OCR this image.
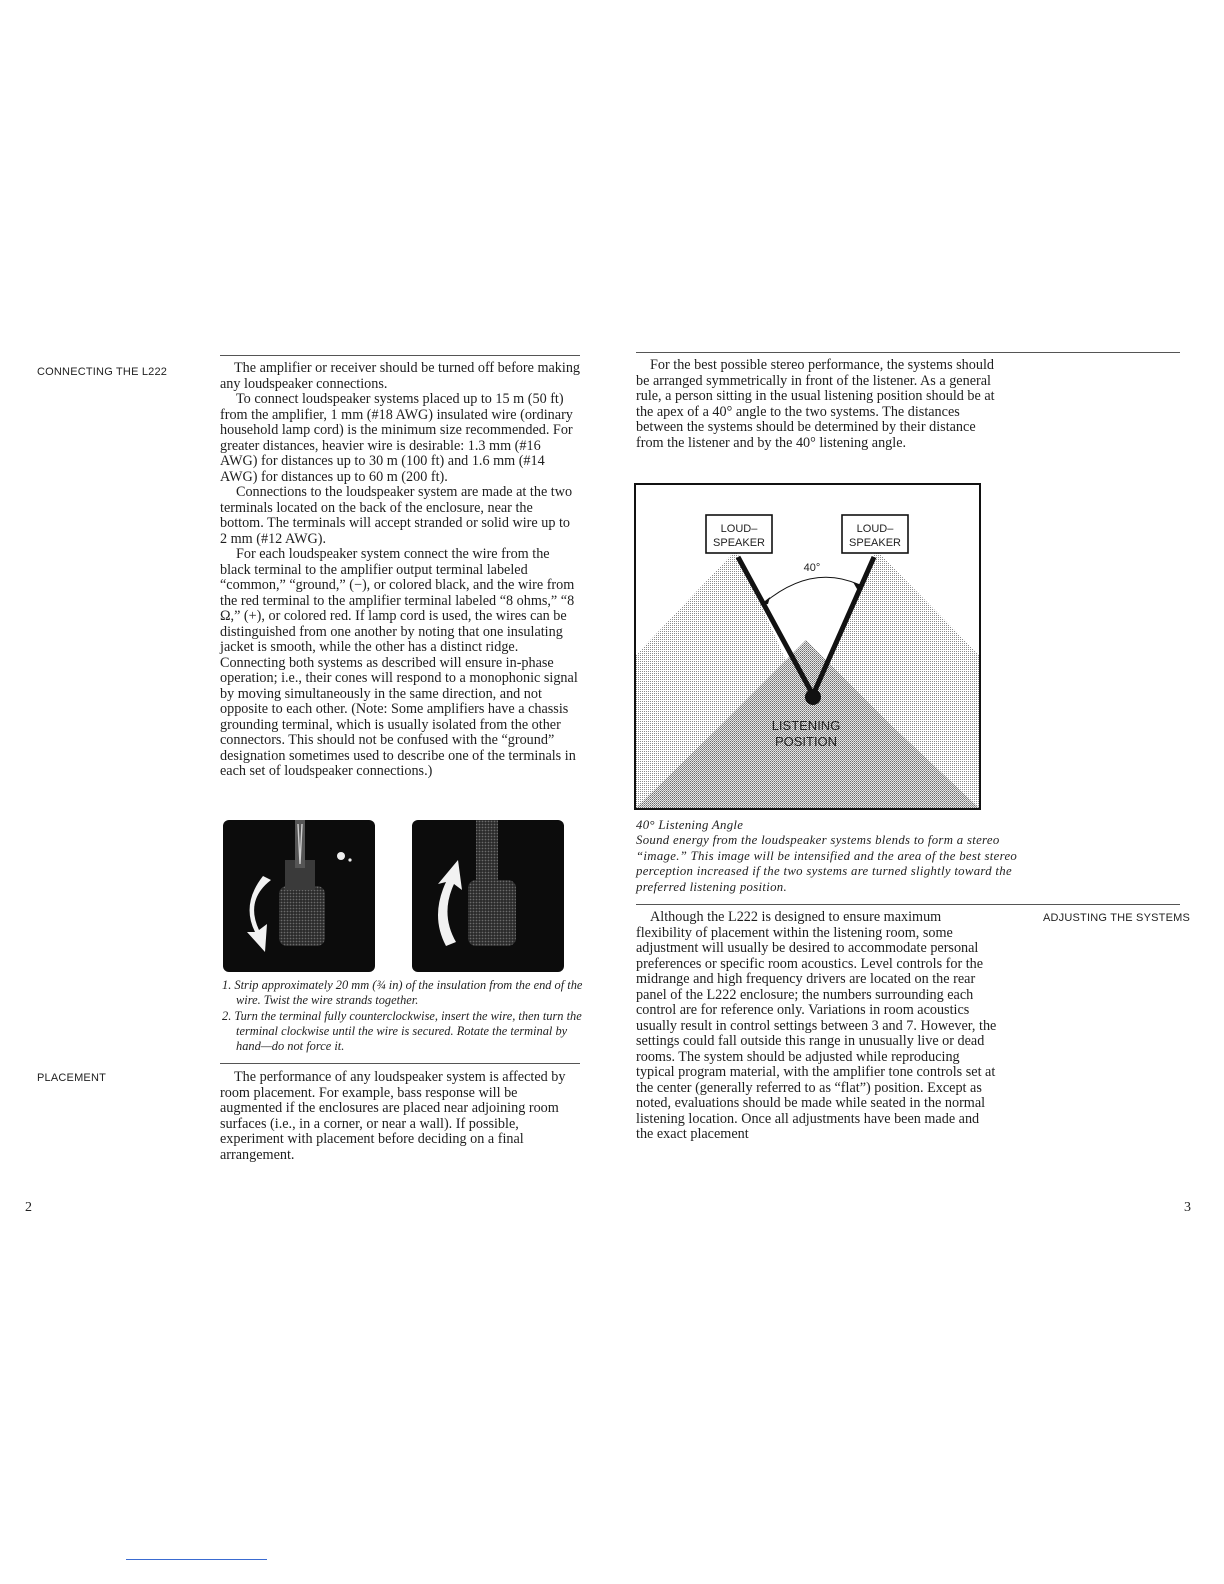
CONNECTING THE L222	The amplifier or receiver should be turned off before making any loudspeaker connections.

To connect loudspeaker systems placed up to 15 m (50 ft) from the amplifier, 1 mm (#18 AWG) insulated wire (ordinary household lamp cord) is the minimum size recommended. For greater distances, heavier wire is desirable: 1.3 mm (#16 AWG) for distances up to 30 m (100 ft) and 1.6 mm (#14 AWG) for distances up to 60 m (200 ft).

Connections to the loudspeaker system are made at the two terminals located on the back of the enclosure, near the bottom. The terminals will accept stranded or solid wire up to 2 mm (#12 AWG).

For each loudspeaker system connect the wire from the black terminal to the amplifier output terminal labeled “common,” “ground,” (−), or colored black, and the wire from the red terminal to the amplifier terminal labeled “8 ohms,” “8 Ω,” (+), or colored red. If lamp cord is used, the wires can be distinguished from one another by noting that one insulating jacket is smooth, while the other has a distinct ridge. Connecting both systems as described will ensure in-phase operation; i.e., their cones will respond to a monophonic signal by moving simultaneously in the same direction, and not opposite to each other. (Note: Some amplifiers have a chassis grounding terminal, which is usually isolated from the other connectors. This should not be confused with the “ground” designation sometimes used to describe one of the terminals in each set of loudspeaker connections.)

1. Strip approximately 20 mm (¾ in) of the insulation from the end of the wire. Twist the wire strands together.
2. Turn the terminal fully counterclockwise, insert the wire, then turn the terminal clockwise until the wire is secured. Rotate the terminal by hand—do not force it.
PLACEMENT	The performance of any loudspeaker system is affected by room placement. For example, bass response will be augmented if the enclosures are placed near adjoining room surfaces (i.e., in a corner, or near a wall). If possible, experiment with placement before deciding on a final arrangement.

2

For the best possible stereo performance, the systems should be arranged symmetrically in front of the listener. As a general rule, a person sitting in the usual listening position should be at the apex of a 40° angle to the two systems. The distances between the systems should be determined by their distance from the listener and by the 40° listening angle.

LOUD–
SPEAKER
LOUD–
SPEAKER
40°
LISTENING
POSITION
40° Listening Angle
Sound energy from the loudspeaker systems blends to form a stereo “image.” This image will be intensified and the area of the best stereo perception increased if the two systems are turned slightly toward the preferred listening position.
ADJUSTING THE SYSTEMS

Although the L222 is designed to ensure maximum flexibility of placement within the listening room, some adjustment will usually be desired to accommodate personal preferences or specific room acoustics. Level controls for the midrange and high frequency drivers are located on the rear panel of the L222 enclosure; the numbers surrounding each control are for reference only. Variations in room acoustics usually result in control settings between 3 and 7. However, the settings could fall outside this range in unusually live or dead rooms. The system should be adjusted while reproducing typical program material, with the amplifier tone controls set at the center (generally referred to as “flat”) position. Except as noted, evaluations should be made while seated in the normal listening location. Once all adjustments have been made and the exact placement

3
